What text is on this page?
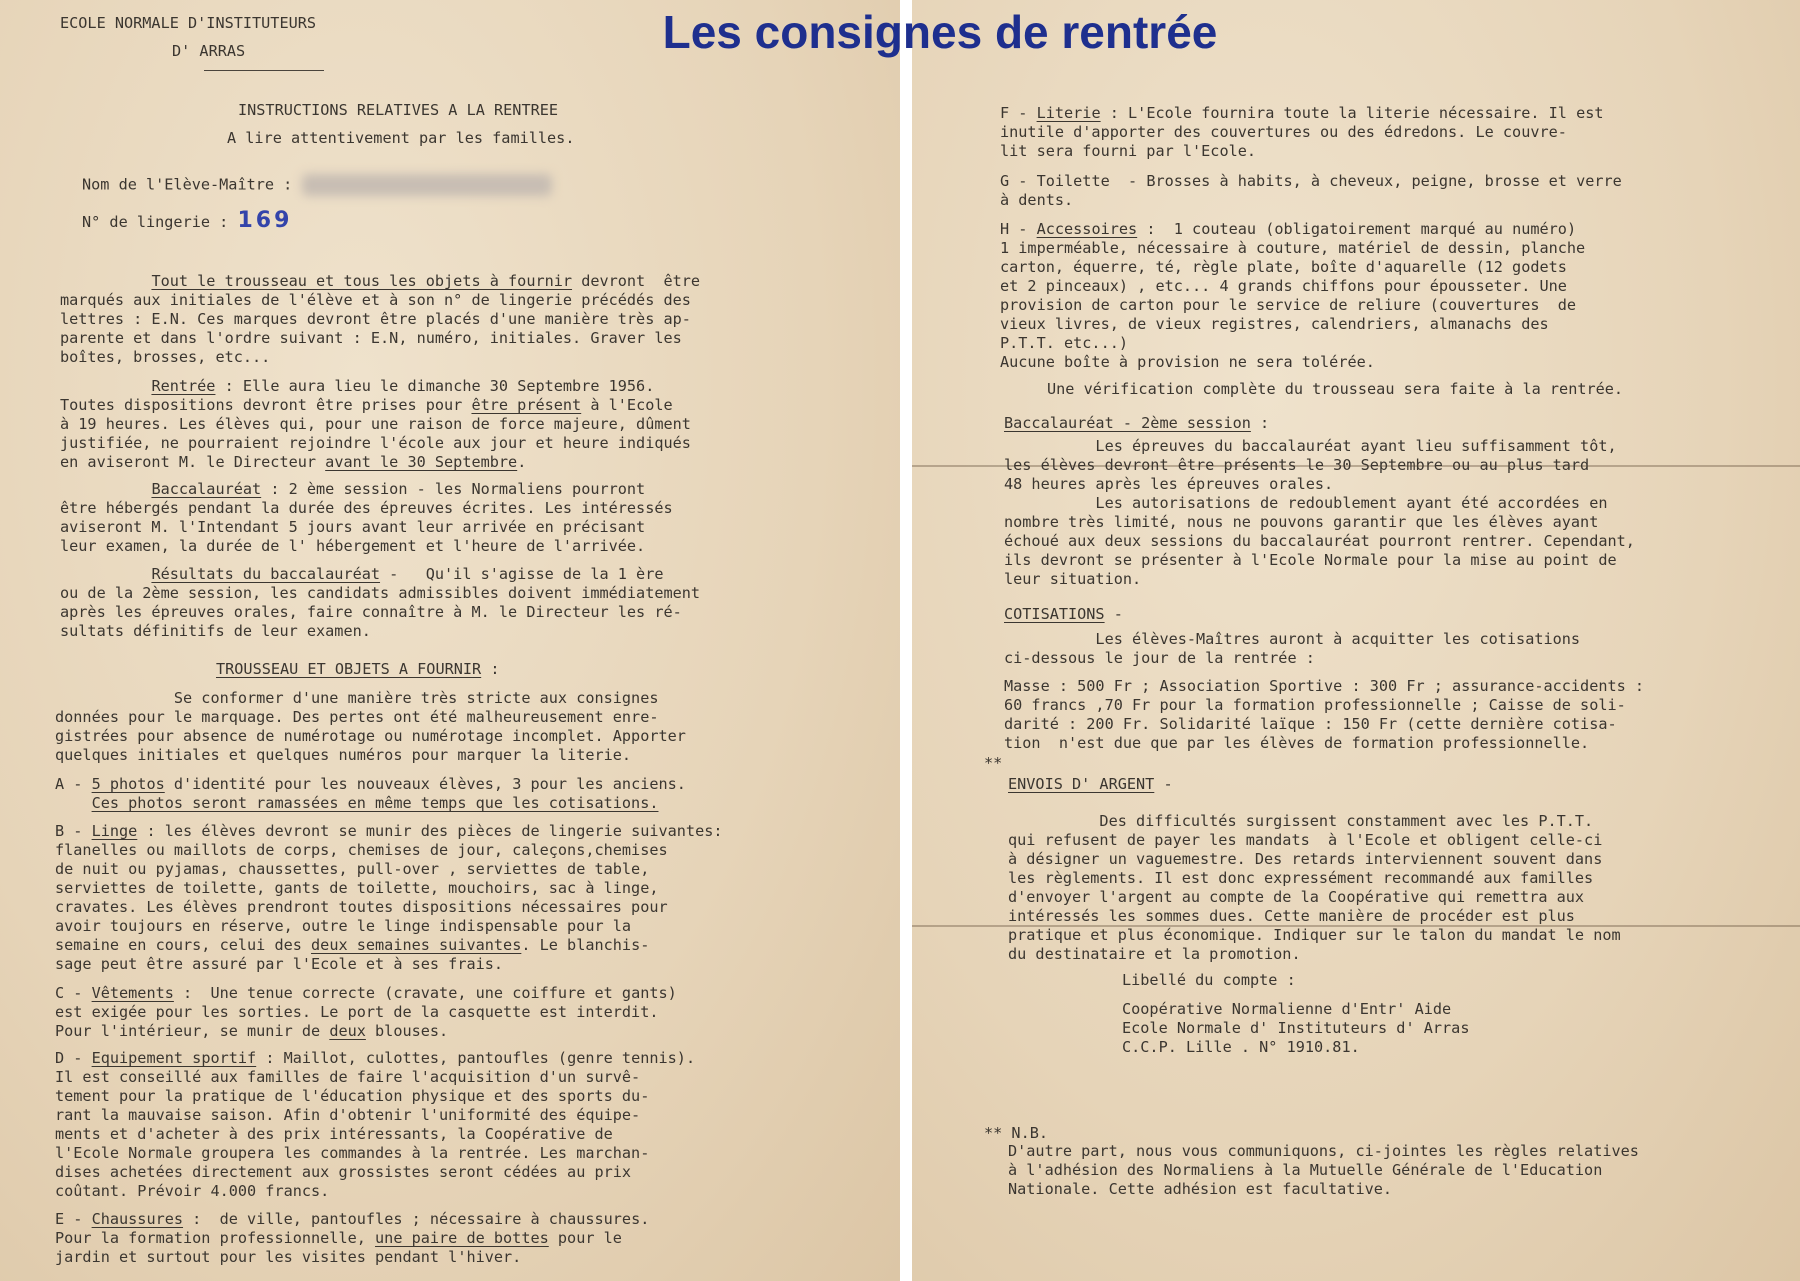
Les consignes de rentrée
ECOLE NORMALE D'INSTITUTEURS
D' ARRAS
INSTRUCTIONS RELATIVES A LA RENTREE
A lire attentivement par les familles.
Nom de l'Elève-Maître :
N° de lingerie : 169
Tout le trousseau et tous les objets à fournir devront  être
marqués aux initiales de l'élève et à son n° de lingerie précédés des
lettres : E.N. Ces marques devront être placés d'une manière très ap-
parente et dans l'ordre suivant : E.N, numéro, initiales. Graver les
boîtes, brosses, etc...
Rentrée : Elle aura lieu le dimanche 30 Septembre 1956.
Toutes dispositions devront être prises pour être présent à l'Ecole
à 19 heures. Les élèves qui, pour une raison de force majeure, dûment
justifiée, ne pourraient rejoindre l'école aux jour et heure indiqués
en aviseront M. le Directeur avant le 30 Septembre.
Baccalauréat : 2 ème session - les Normaliens pourront
être hébergés pendant la durée des épreuves écrites. Les intéressés
aviseront M. l'Intendant 5 jours avant leur arrivée en précisant
leur examen, la durée de l' hébergement et l'heure de l'arrivée.
Résultats du baccalauréat -   Qu'il s'agisse de la 1 ère
ou de la 2ème session, les candidats admissibles doivent immédiatement
après les épreuves orales, faire connaître à M. le Directeur les ré-
sultats définitifs de leur examen.
TROUSSEAU ET OBJETS A FOURNIR :
Se conformer d'une manière très stricte aux consignes
données pour le marquage. Des pertes ont été malheureusement enre-
gistrées pour absence de numérotage ou numérotage incomplet. Apporter
quelques initiales et quelques numéros pour marquer la literie.
A - 5 photos d'identité pour les nouveaux élèves, 3 pour les anciens.
Ces photos seront ramassées en même temps que les cotisations.
B - Linge : les élèves devront se munir des pièces de lingerie suivantes:
flanelles ou maillots de corps, chemises de jour, caleçons,chemises
de nuit ou pyjamas, chaussettes, pull-over , serviettes de table,
serviettes de toilette, gants de toilette, mouchoirs, sac à linge,
cravates. Les élèves prendront toutes dispositions nécessaires pour
avoir toujours en réserve, outre le linge indispensable pour la
semaine en cours, celui des deux semaines suivantes. Le blanchis-
sage peut être assuré par l'Ecole et à ses frais.
C - Vêtements :  Une tenue correcte (cravate, une coiffure et gants)
est exigée pour les sorties. Le port de la casquette est interdit.
Pour l'intérieur, se munir de deux blouses.
D - Equipement sportif : Maillot, culottes, pantoufles (genre tennis).
Il est conseillé aux familles de faire l'acquisition d'un survê-
tement pour la pratique de l'éducation physique et des sports du-
rant la mauvaise saison. Afin d'obtenir l'uniformité des équipe-
ments et d'acheter à des prix intéressants, la Coopérative de
l'Ecole Normale groupera les commandes à la rentrée. Les marchan-
dises achetées directement aux grossistes seront cédées au prix
coûtant. Prévoir 4.000 francs.
E - Chaussures :  de ville, pantoufles ; nécessaire à chaussures.
Pour la formation professionnelle, une paire de bottes pour le
jardin et surtout pour les visites pendant l'hiver.
F - Literie : L'Ecole fournira toute la literie nécessaire. Il est
inutile d'apporter des couvertures ou des édredons. Le couvre-
lit sera fourni par l'Ecole.
G - Toilette  - Brosses à habits, à cheveux, peigne, brosse et verre
à dents.
H - Accessoires :  1 couteau (obligatoirement marqué au numéro)
1 imperméable, nécessaire à couture, matériel de dessin, planche
carton, équerre, té, règle plate, boîte d'aquarelle (12 godets
et 2 pinceaux) , etc... 4 grands chiffons pour épousseter. Une
provision de carton pour le service de reliure (couvertures  de
vieux livres, de vieux registres, calendriers, almanachs des
P.T.T. etc...)
Aucune boîte à provision ne sera tolérée.
Une vérification complète du trousseau sera faite à la rentrée.
Baccalauréat - 2ème session :
Les épreuves du baccalauréat ayant lieu suffisamment tôt,
les élèves devront être présents le 30 Septembre ou au plus tard
48 heures après les épreuves orales.
Les autorisations de redoublement ayant été accordées en
nombre très limité, nous ne pouvons garantir que les élèves ayant
échoué aux deux sessions du baccalauréat pourront rentrer. Cependant,
ils devront se présenter à l'Ecole Normale pour la mise au point de
leur situation.
COTISATIONS -
Les élèves-Maîtres auront à acquitter les cotisations
ci-dessous le jour de la rentrée :
Masse : 500 Fr ; Association Sportive : 300 Fr ; assurance-accidents :
60 francs ,70 Fr pour la formation professionnelle ; Caisse de soli-
darité : 200 Fr. Solidarité laïque : 150 Fr (cette dernière cotisa-
tion  n'est due que par les élèves de formation professionnelle.
**
ENVOIS D' ARGENT -
Des difficultés surgissent constamment avec les P.T.T.
qui refusent de payer les mandats  à l'Ecole et obligent celle-ci
à désigner un vaguemestre. Des retards interviennent souvent dans
les règlements. Il est donc expressément recommandé aux familles
d'envoyer l'argent au compte de la Coopérative qui remettra aux
intéressés les sommes dues. Cette manière de procéder est plus
pratique et plus économique. Indiquer sur le talon du mandat le nom
du destinataire et la promotion.
Libellé du compte :
Coopérative Normalienne d'Entr' Aide
Ecole Normale d' Instituteurs d' Arras
C.C.P. Lille . N° 1910.81.
** N.B.
D'autre part, nous vous communiquons, ci-jointes les règles relatives
à l'adhésion des Normaliens à la Mutuelle Générale de l'Education
Nationale. Cette adhésion est facultative.
